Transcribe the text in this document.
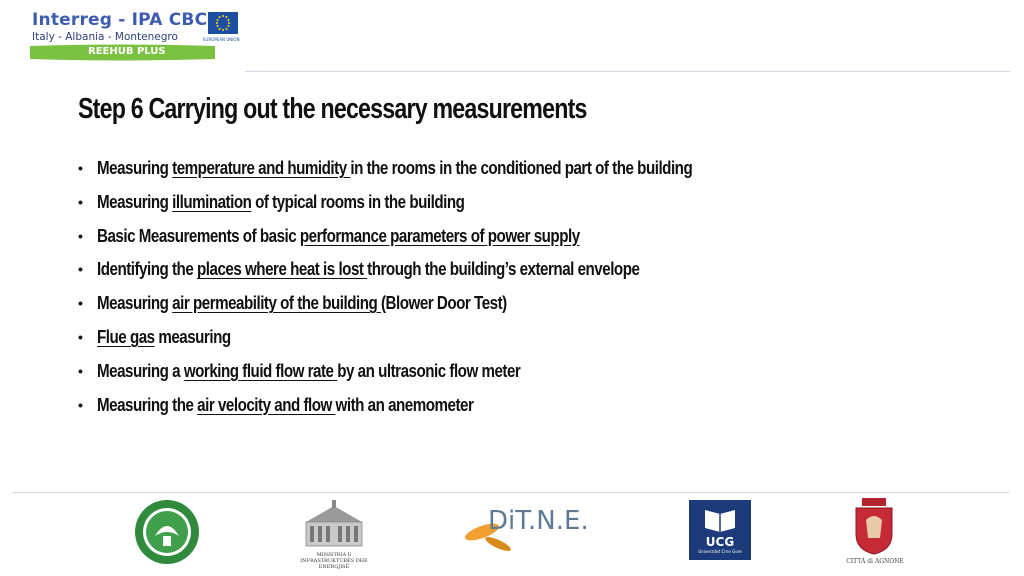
Interreg - IPA CBC
Italy - Albania - Montenegro	EUROPEAN UNION
REEHUB PLUS
Step 6 Carrying out the necessary measurements
• Measuring temperature and humidity in the rooms in the conditioned part of the building
• Measuring illumination of typical rooms in the building
• Basic Measurements of basic performance parameters of power supply
• Identifying the places where heat is lost through the building’s external envelope
• Measuring air permeability of the building (Blower Door Test)
• Flue gas measuring
• Measuring a working fluid flow rate by an ultrasonic flow meter
• Measuring the air velocity and flow with an anemometer
MINISTRIA E INFRASTRUKTURËS DHE ENERGJISË
DiT.N.E.
UCG
Univerzitet Crne Gore
CITTÀ di AGNONE
